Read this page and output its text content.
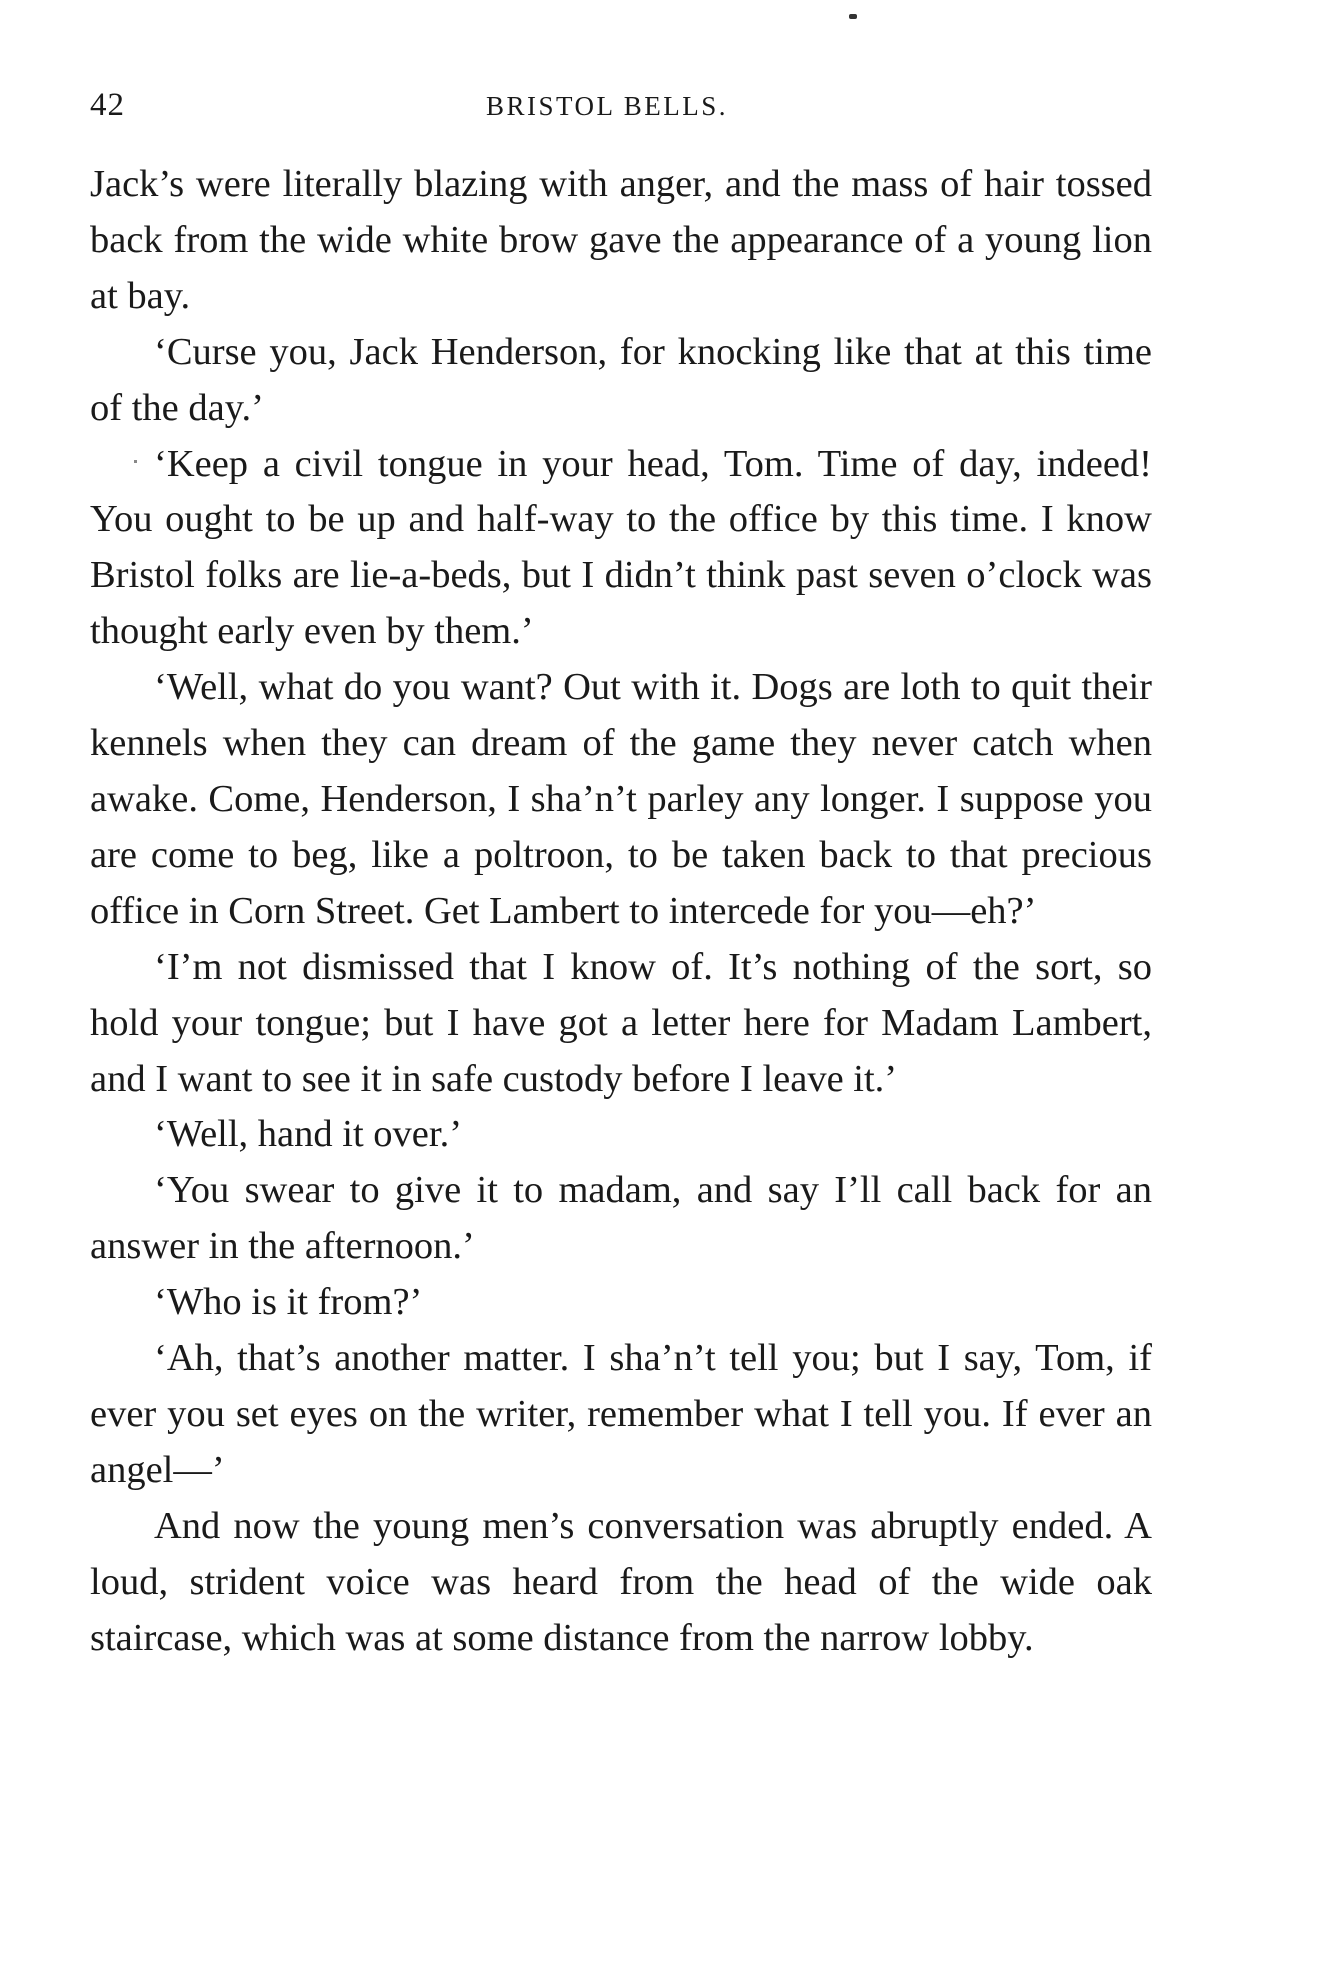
42	BRISTOL BELLS.

Jack’s were literally blazing with anger, and the mass of hair tossed back from the wide white brow gave the appearance of a young lion at bay.

‘Curse you, Jack Henderson, for knocking like that at this time of the day.’

‘Keep a civil tongue in your head, Tom. Time of day, indeed! You ought to be up and half-way to the office by this time. I know Bristol folks are lie-a-beds, but I didn’t think past seven o’clock was thought early even by them.’

‘Well, what do you want? Out with it. Dogs are loth to quit their kennels when they can dream of the game they never catch when awake. Come, Henderson, I sha’n’t parley any longer. I suppose you are come to beg, like a poltroon, to be taken back to that precious office in Corn Street. Get Lambert to intercede for you—eh?’

‘I’m not dismissed that I know of. It’s nothing of the sort, so hold your tongue; but I have got a letter here for Madam Lambert, and I want to see it in safe custody before I leave it.’

‘Well, hand it over.’

‘You swear to give it to madam, and say I’ll call back for an answer in the afternoon.’

‘Who is it from?’

‘Ah, that’s another matter. I sha’n’t tell you; but I say, Tom, if ever you set eyes on the writer, remember what I tell you. If ever an angel—’

And now the young men’s conversation was abruptly ended. A loud, strident voice was heard from the head of the wide oak staircase, which was at some distance from the narrow lobby.
